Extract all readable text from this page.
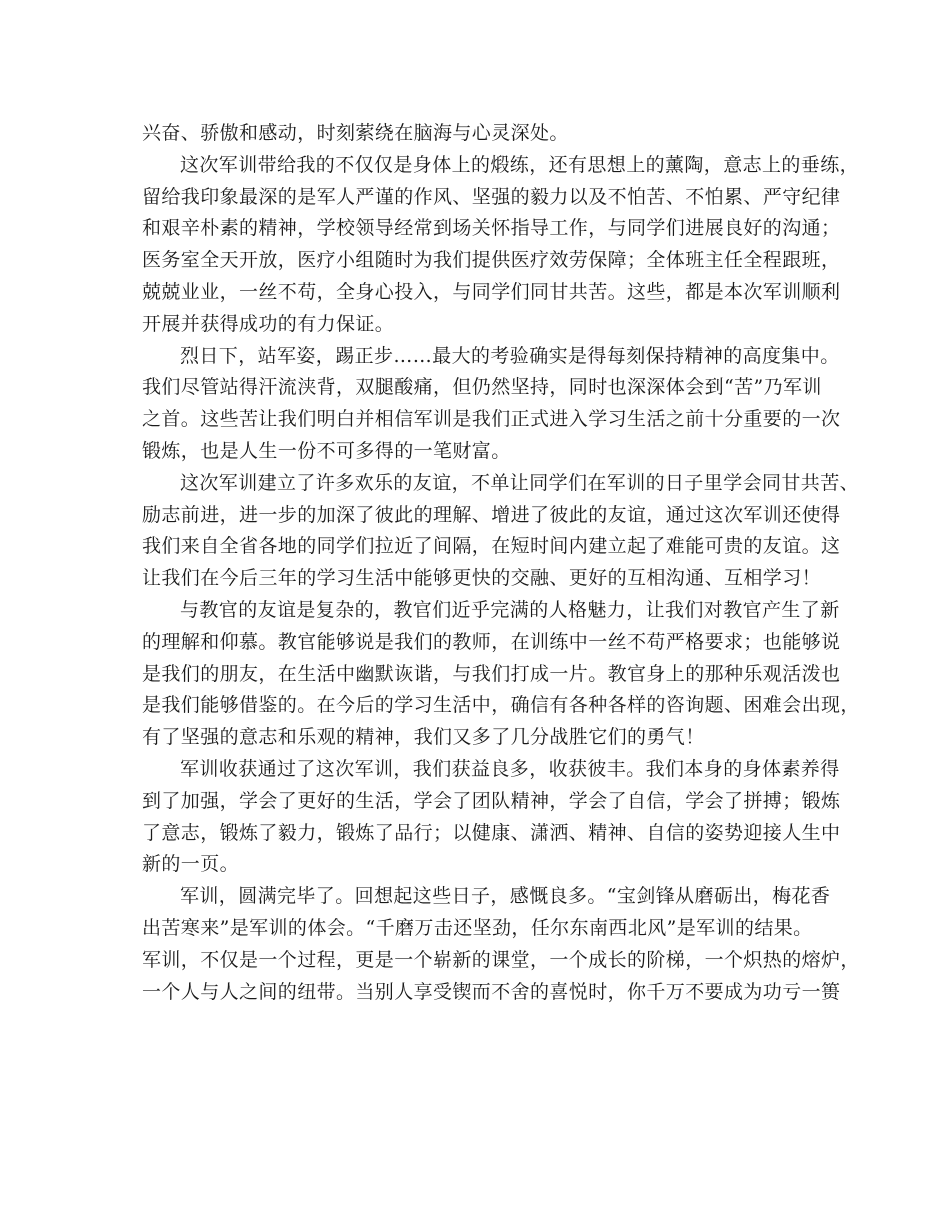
兴奋、骄傲和感动，时刻萦绕在脑海与心灵深处。
这次军训带给我的不仅仅是身体上的煅练，还有思想上的薰陶，意志上的垂练，
留给我印象最深的是军人严谨的作风、坚强的毅力以及不怕苦、不怕累、严守纪律
和艰辛朴素的精神，学校领导经常到场关怀指导工作，与同学们进展良好的沟通；
医务室全天开放，医疗小组随时为我们提供医疗效劳保障；全体班主任全程跟班，
兢兢业业，一丝不苟，全身心投入，与同学们同甘共苦。这些，都是本次军训顺利
开展并获得成功的有力保证。
烈日下，站军姿，踢正步……最大的考验确实是得每刻保持精神的高度集中。
我们尽管站得汗流浃背，双腿酸痛，但仍然坚持，同时也深深体会到“苦”乃军训
之首。这些苦让我们明白并相信军训是我们正式进入学习生活之前十分重要的一次
锻炼，也是人生一份不可多得的一笔财富。
这次军训建立了许多欢乐的友谊，不单让同学们在军训的日子里学会同甘共苦、
励志前进，进一步的加深了彼此的理解、增进了彼此的友谊，通过这次军训还使得
我们来自全省各地的同学们拉近了间隔，在短时间内建立起了难能可贵的友谊。这
让我们在今后三年的学习生活中能够更快的交融、更好的互相沟通、互相学习！
与教官的友谊是复杂的，教官们近乎完满的人格魅力，让我们对教官产生了新
的理解和仰慕。教官能够说是我们的教师，在训练中一丝不苟严格要求；也能够说
是我们的朋友，在生活中幽默诙谐，与我们打成一片。教官身上的那种乐观活泼也
是我们能够借鉴的。在今后的学习生活中，确信有各种各样的咨询题、困难会出现，
有了坚强的意志和乐观的精神，我们又多了几分战胜它们的勇气！
军训收获通过了这次军训，我们获益良多，收获彼丰。我们本身的身体素养得
到了加强，学会了更好的生活，学会了团队精神，学会了自信，学会了拼搏；锻炼
了意志，锻炼了毅力，锻炼了品行；以健康、潇洒、精神、自信的姿势迎接人生中
新的一页。
军训，圆满完毕了。回想起这些日子，感慨良多。“宝剑锋从磨砺出，梅花香
出苦寒来”是军训的体会。“千磨万击还坚劲，任尔东南西北风”是军训的结果。
军训，不仅是一个过程，更是一个崭新的课堂，一个成长的阶梯，一个炽热的熔炉，
一个人与人之间的纽带。当别人享受锲而不舍的喜悦时，你千万不要成为功亏一篑
